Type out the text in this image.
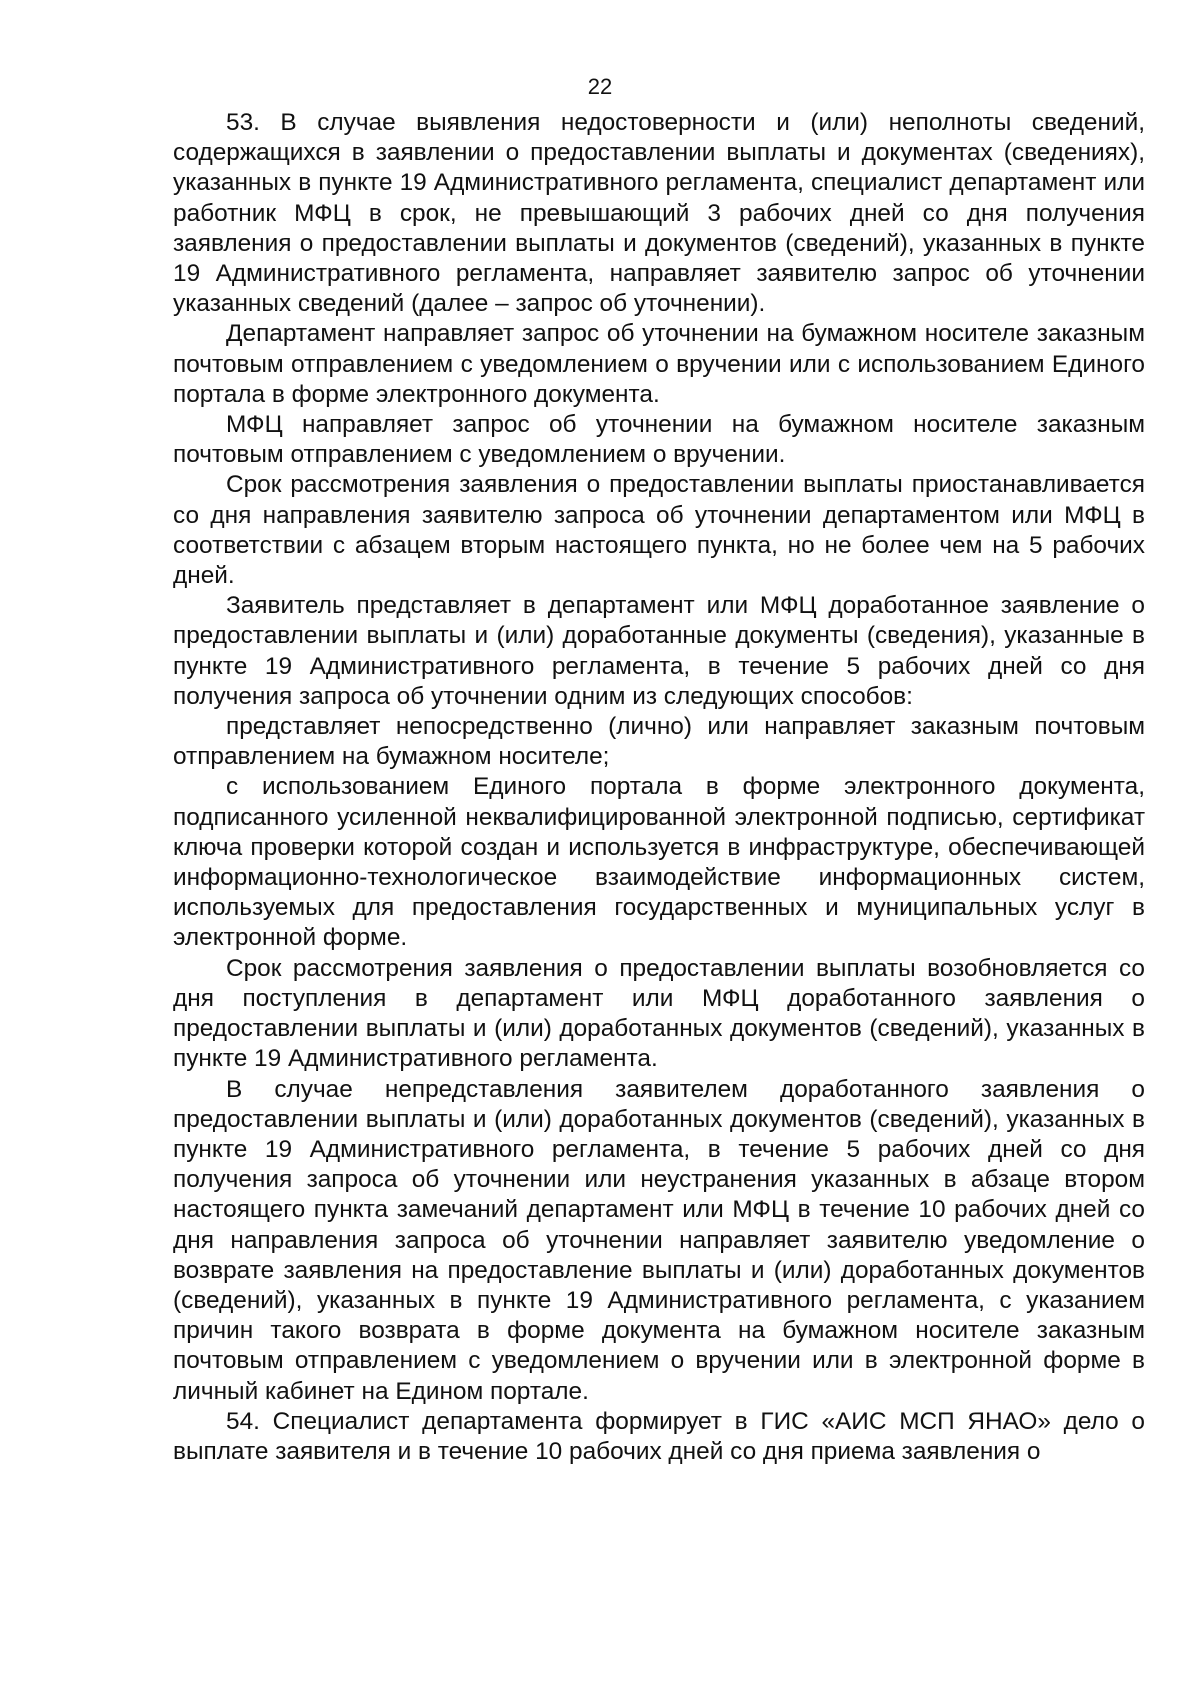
22

53. В случае выявления недостоверности и (или) неполноты сведений, содержащихся в заявлении о предоставлении выплаты и документах (сведениях), указанных в пункте 19 Административного регламента, специалист департамент или работник МФЦ в срок, не превышающий 3 рабочих дней со дня получения заявления о предоставлении выплаты и документов (сведений), указанных в пункте 19 Административного регламента, направляет заявителю запрос об уточнении указанных сведений (далее – запрос об уточнении).

Департамент направляет запрос об уточнении на бумажном носителе заказным почтовым отправлением с уведомлением о вручении или с использованием Единого портала в форме электронного документа.

МФЦ направляет запрос об уточнении на бумажном носителе заказным почтовым отправлением с уведомлением о вручении.

Срок рассмотрения заявления о предоставлении выплаты приостанавливается со дня направления заявителю запроса об уточнении департаментом или МФЦ в соответствии с абзацем вторым настоящего пункта, но не более чем на 5 рабочих дней.

Заявитель представляет в департамент или МФЦ доработанное заявление о предоставлении выплаты и (или) доработанные документы (сведения), указанные в пункте 19 Административного регламента, в течение 5 рабочих дней со дня получения запроса об уточнении одним из следующих способов:

представляет непосредственно (лично) или направляет заказным почтовым отправлением на бумажном носителе;

с использованием Единого портала в форме электронного документа, подписанного усиленной неквалифицированной электронной подписью, сертификат ключа проверки которой создан и используется в инфраструктуре, обеспечивающей информационно-технологическое взаимодействие информационных систем, используемых для предоставления государственных и муниципальных услуг в электронной форме.

Срок рассмотрения заявления о предоставлении выплаты возобновляется со дня поступления в департамент или МФЦ доработанного заявления о предоставлении выплаты и (или) доработанных документов (сведений), указанных в пункте 19 Административного регламента.

В случае непредставления заявителем доработанного заявления о предоставлении выплаты и (или) доработанных документов (сведений), указанных в пункте 19 Административного регламента, в течение 5 рабочих дней со дня получения запроса об уточнении или неустранения указанных в абзаце втором настоящего пункта замечаний департамент или МФЦ в течение 10 рабочих дней со дня направления запроса об уточнении направляет заявителю уведомление о возврате заявления на предоставление выплаты и (или) доработанных документов (сведений), указанных в пункте 19 Административного регламента, с указанием причин такого возврата в форме документа на бумажном носителе заказным почтовым отправлением с уведомлением о вручении или в электронной форме в личный кабинет на Едином портале.

54. Специалист департамента формирует в ГИС «АИС МСП ЯНАО» дело о выплате заявителя и в течение 10 рабочих дней со дня приема заявления о
